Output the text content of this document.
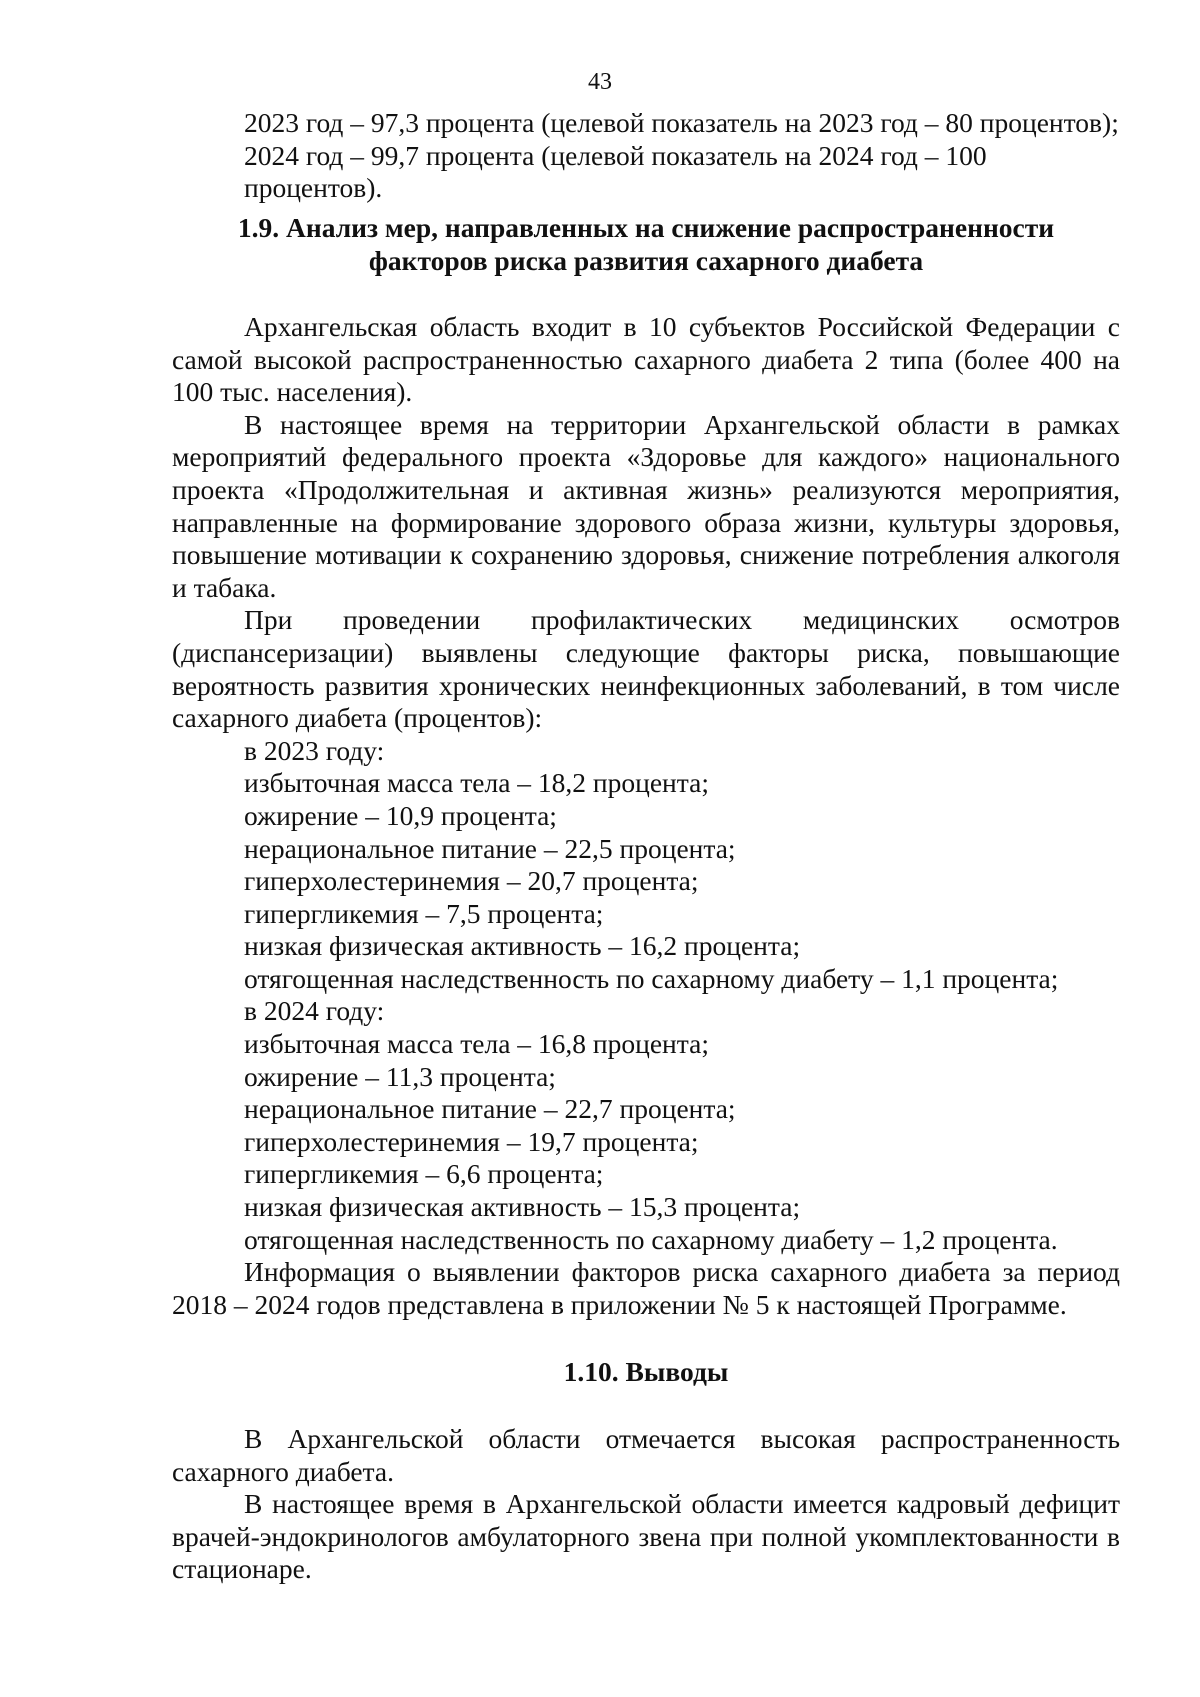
43

2023 год – 97,3 процента (целевой показатель на 2023 год – 80 процентов);

2024 год – 99,7 процента (целевой показатель на 2024 год – 100 процентов).

1.9. Анализ мер, направленных на снижение распространенности
факторов риска развития сахарного диабета

Архангельская область входит в 10 субъектов Российской Федерации с самой высокой распространенностью сахарного диабета 2 типа (более 400 на 100 тыс. населения).

В настоящее время на территории Архангельской области в рамках мероприятий федерального проекта «Здоровье для каждого» национального проекта «Продолжительная и активная жизнь» реализуются мероприятия, направленные на формирование здорового образа жизни, культуры здоровья, повышение мотивации к сохранению здоровья, снижение потребления алкоголя и табака.

При проведении профилактических медицинских осмотров (диспансеризации) выявлены следующие факторы риска, повышающие вероятность развития хронических неинфекционных заболеваний, в том числе сахарного диабета (процентов):

в 2023 году:

избыточная масса тела – 18,2 процента;
ожирение – 10,9 процента;
нерациональное питание – 22,5 процента;
гиперхолестеринемия – 20,7 процента;
гипергликемия – 7,5 процента;
низкая физическая активность – 16,2 процента;
отягощенная наследственность по сахарному диабету – 1,1 процента;

в 2024 году:

избыточная масса тела – 16,8 процента;
ожирение – 11,3 процента;
нерациональное питание – 22,7 процента;
гиперхолестеринемия – 19,7 процента;
гипергликемия – 6,6 процента;
низкая физическая активность – 15,3 процента;
отягощенная наследственность по сахарному диабету – 1,2 процента.

Информация о выявлении факторов риска сахарного диабета за период 2018 – 2024 годов представлена в приложении № 5 к настоящей Программе.

1.10. Выводы

В Архангельской области отмечается высокая распространенность сахарного диабета.

В настоящее время в Архангельской области имеется кадровый дефицит врачей-эндокринологов амбулаторного звена при полной укомплектованности в стационаре.
